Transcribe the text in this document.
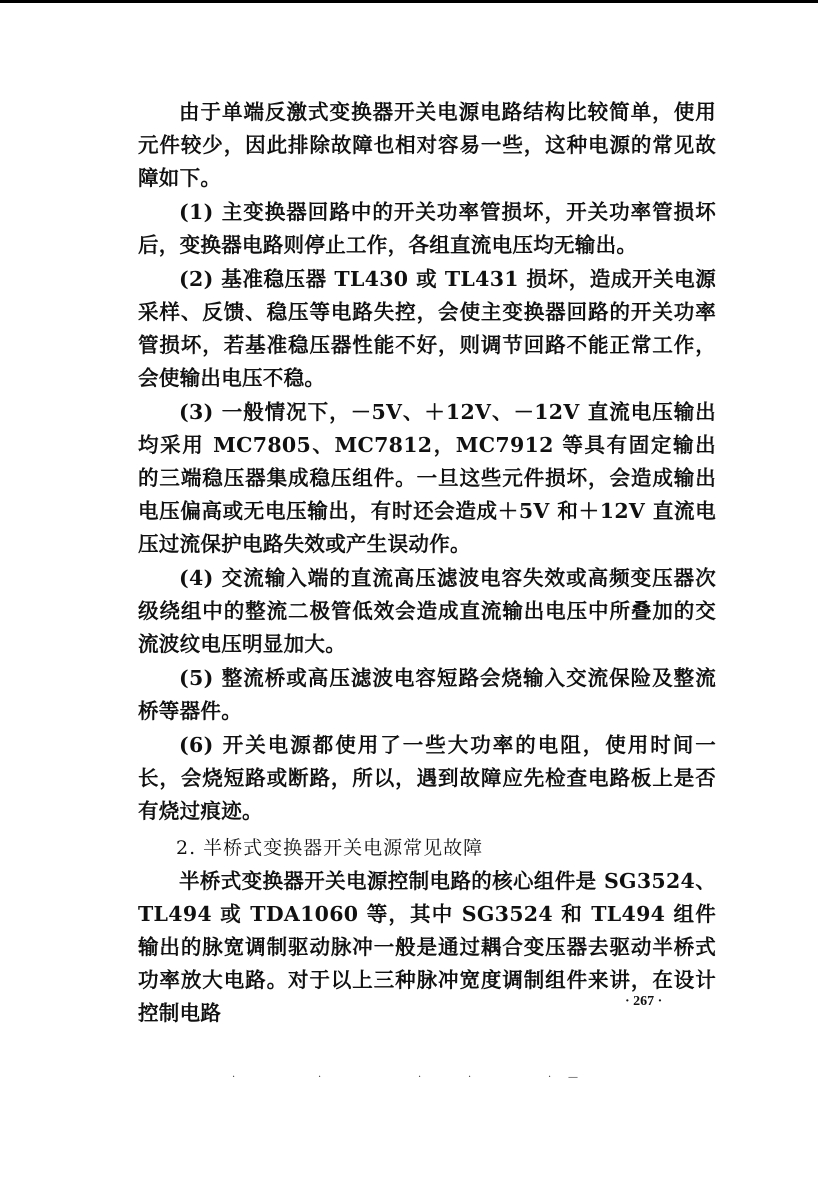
由于单端反激式变换器开关电源电路结构比较简单，使用元件较少，因此排除故障也相对容易一些，这种电源的常见故障如下。

(1) 主变换器回路中的开关功率管损坏，开关功率管损坏后，变换器电路则停止工作，各组直流电压均无输出。

(2) 基准稳压器 TL430 或 TL431 损坏，造成开关电源采样、反馈、稳压等电路失控，会使主变换器回路的开关功率管损坏，若基准稳压器性能不好，则调节回路不能正常工作，会使输出电压不稳。

(3) 一般情况下，－5V、＋12V、－12V 直流电压输出均采用 MC7805、MC7812，MC7912 等具有固定输出的三端稳压器集成稳压组件。一旦这些元件损坏，会造成输出电压偏高或无电压输出，有时还会造成＋5V 和＋12V 直流电压过流保护电路失效或产生误动作。

(4) 交流输入端的直流高压滤波电容失效或高频变压器次级绕组中的整流二极管低效会造成直流输出电压中所叠加的交流波纹电压明显加大。

(5) 整流桥或高压滤波电容短路会烧输入交流保险及整流桥等器件。

(6) 开关电源都使用了一些大功率的电阻，使用时间一长，会烧短路或断路，所以，遇到故障应先检查电路板上是否有烧过痕迹。

2. 半桥式变换器开关电源常见故障

半桥式变换器开关电源控制电路的核心组件是 SG3524、TL494 或 TDA1060 等，其中 SG3524 和 TL494 组件输出的脉宽调制驱动脉冲一般是通过耦合变压器去驱动半桥式功率放大电路。对于以上三种脉冲宽度调制组件来讲，在设计控制电路	· 267 ·
·	·	·	·	· —
